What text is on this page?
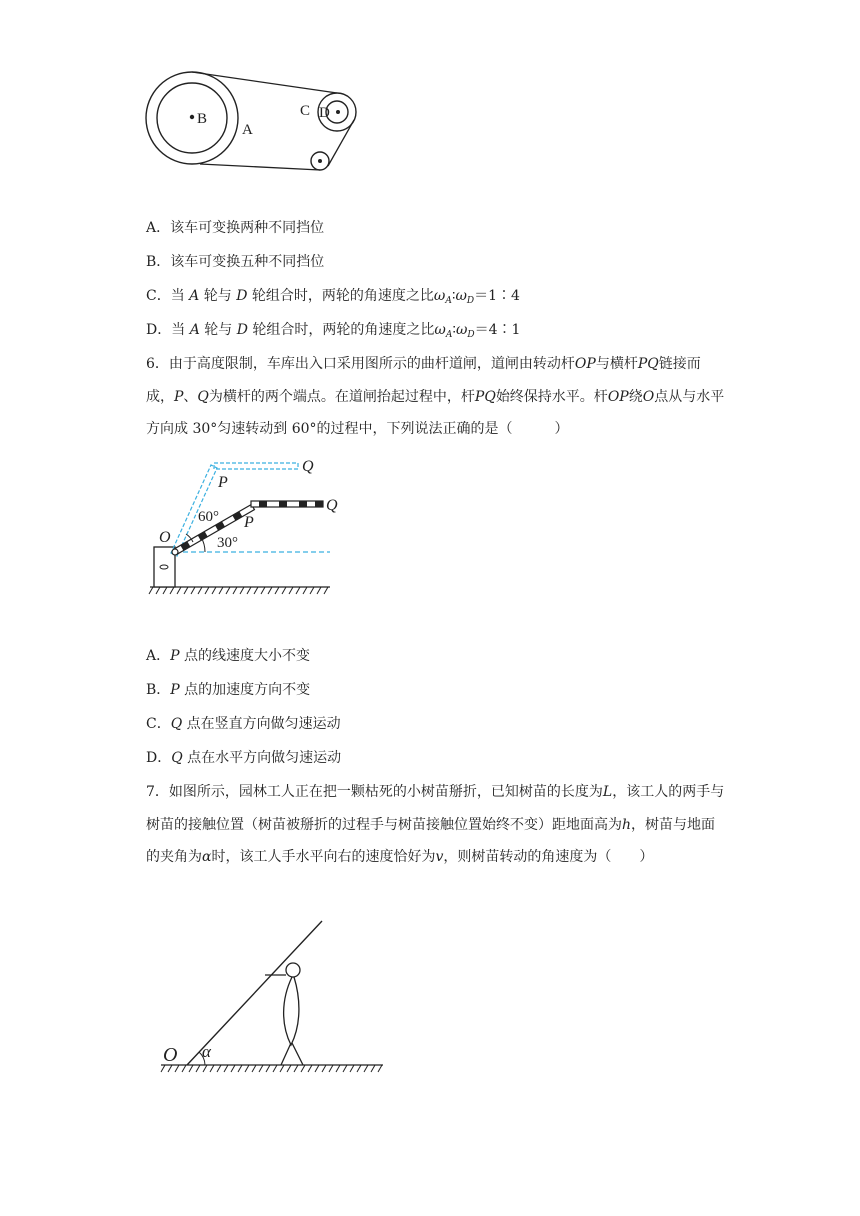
B
A
C D
A．该车可变换两种不同挡位
B．该车可变换五种不同挡位
C．当 A 轮与 D 轮组合时，两轮的角速度之比$\omega_A∶\omega_D=1∶4$
D．当 A 轮与 D 轮组合时，两轮的角速度之比$\omega_A∶\omega_D=4∶1$
6．由于高度限制，车库出入口采用图所示的曲杆道闸，道闸由转动杆OP与横杆PQ链接而成，P、Q为横杆的两个端点。在道闸抬起过程中，杆PQ始终保持水平。杆OP绕O点从与水平方向成 30°匀速转动到 60°的过程中，下列说法正确的是（　　　）
Q
P
Q
P
60°
30°
O
A．P 点的线速度大小不变
B．P 点的加速度方向不变
C．Q 点在竖直方向做匀速运动
D．Q 点在水平方向做匀速运动
7．如图所示，园林工人正在把一颗枯死的小树苗掰折，已知树苗的长度为L，该工人的两手与树苗的接触位置（树苗被掰折的过程手与树苗接触位置始终不变）距地面高为h，树苗与地面的夹角为α时，该工人手水平向右的速度恰好为v，则树苗转动的角速度为（　　）
O α
